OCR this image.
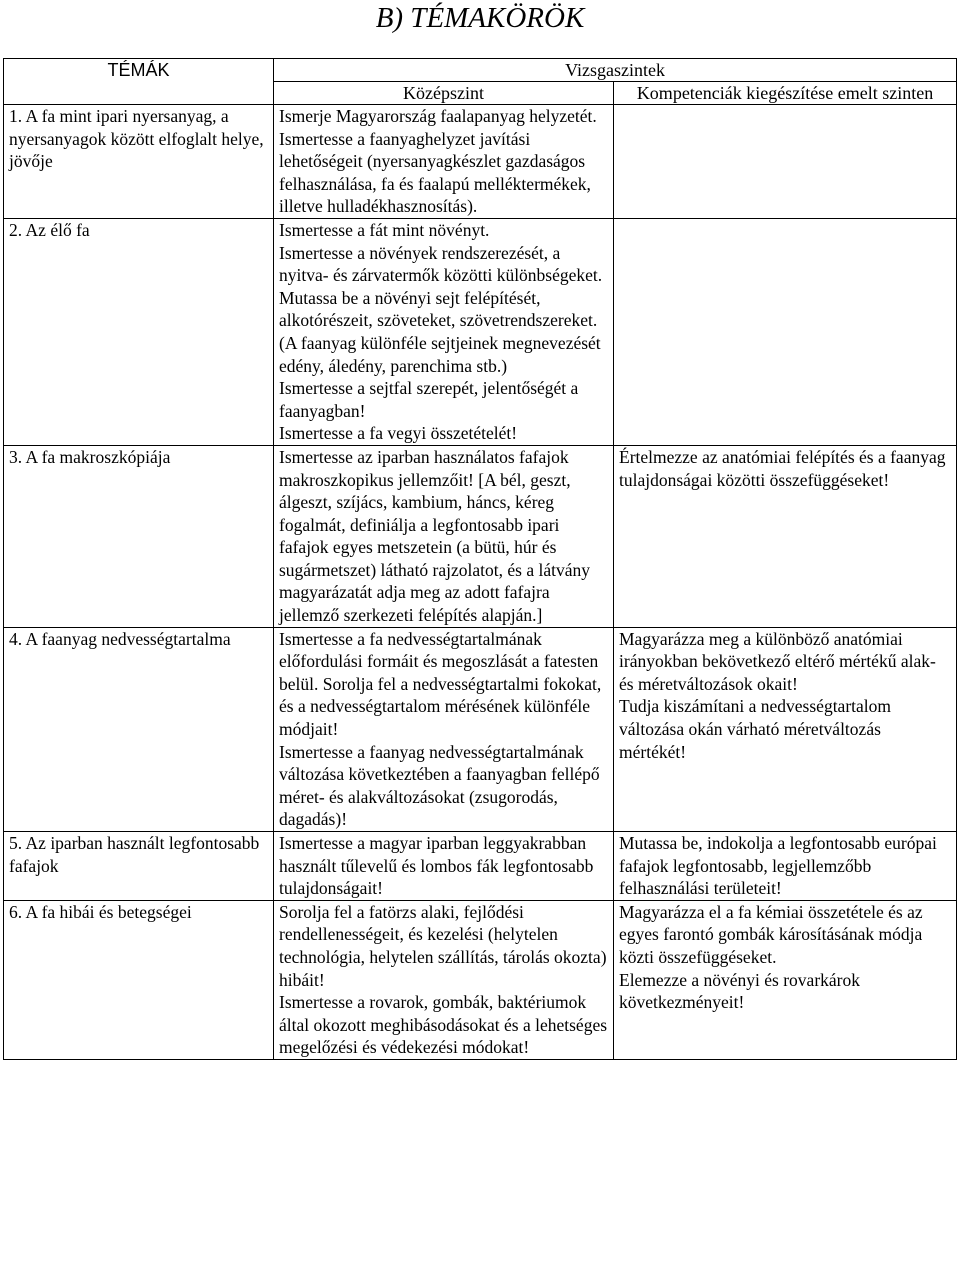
B) TÉMAKÖRÖK
TÉMÁK	Vizsgaszintek	
	Középszint	Kompetenciák kiegészítése emelt szinten

1. A fa mint ipari nyersanyag, a nyersanyagok között elfoglalt helye, jövője	Ismerje Magyarország faalapanyag helyzetét.
Ismertesse a faanyaghelyzet javítási lehetőségeit (nyersanyagkészlet gazdaságos felhasználása, fa és faalapú melléktermékek, illetve hulladékhasznosítás).	

2. Az élő fa	Ismertesse a fát mint növényt.
Ismertesse a növények rendszerezését, a nyitva- és zárvatermők közötti különbségeket.
Mutassa be a növényi sejt felépítését, alkotórészeit, szöveteket, szövetrendszereket. (A faanyag különféle sejtjeinek megnevezését edény, áledény, parenchima stb.)
Ismertesse a sejtfal szerepét, jelentőségét a faanyagban!
Ismertesse a fa vegyi összetételét!	

3. A fa makroszkópiája	Ismertesse az iparban használatos fafajok makroszkopikus jellemzőit! [A bél, geszt, álgeszt, szíjács, kambium, háncs, kéreg fogalmát, definiálja a legfontosabb ipari fafajok egyes metszetein (a bütü, húr és sugármetszet) látható rajzolatot, és a látvány magyarázatát adja meg az adott fafajra jellemző szerkezeti felépítés alapján.]	Értelmezze az anatómiai felépítés és a faanyag tulajdonságai közötti összefüggéseket!

4. A faanyag nedvességtartalma	Ismertesse a fa nedvességtartalmának előfordulási formáit és megoszlását a fatesten belül. Sorolja fel a nedvességtartalmi fokokat, és a nedvességtartalom mérésének különféle módjait!
Ismertesse a faanyag nedvességtartalmának változása következtében a faanyagban fellépő méret- és alakváltozásokat (zsugorodás, dagadás)!	Magyarázza meg a különböző anatómiai irányokban bekövetkező eltérő mértékű alak- és méretváltozások okait!
Tudja kiszámítani a nedvességtartalom változása okán várható méretváltozás mértékét!

5. Az iparban használt legfontosabb fafajok	Ismertesse a magyar iparban leggyakrabban használt tűlevelű és lombos fák legfontosabb tulajdonságait!	Mutassa be, indokolja a legfontosabb európai fafajok legfontosabb, legjellemzőbb felhasználási területeit!

6. A fa hibái és betegségei	Sorolja fel a fatörzs alaki, fejlődési rendellenességeit, és kezelési (helytelen technológia, helytelen szállítás, tárolás okozta) hibáit!
Ismertesse a rovarok, gombák, baktériumok által okozott meghibásodásokat és a lehetséges megelőzési és védekezési módokat!	Magyarázza el a fa kémiai összetétele és az egyes farontó gombák károsításának módja közti összefüggéseket.
Elemezze a növényi és rovarkárok következményeit!
